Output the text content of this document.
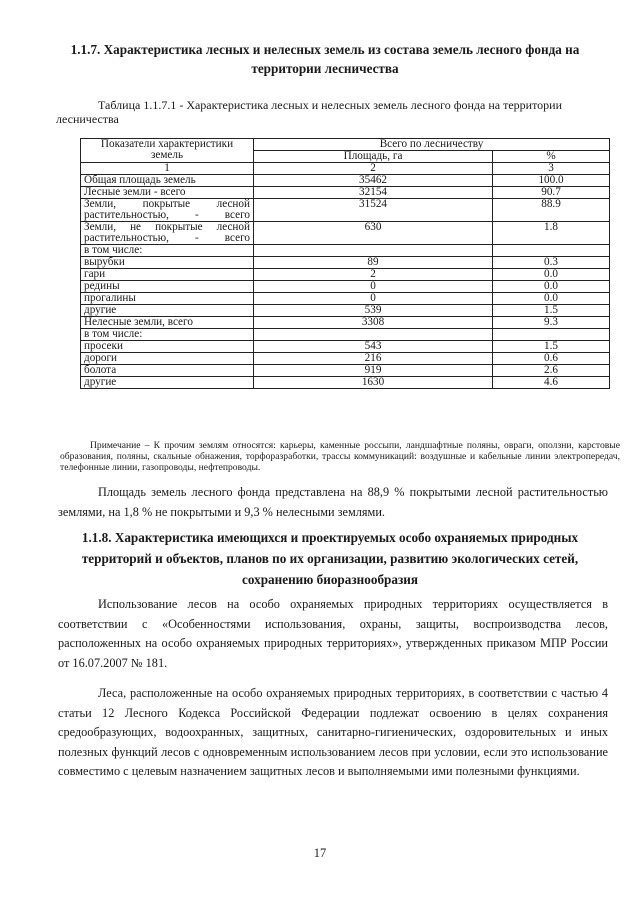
1.1.7. Характеристика лесных и нелесных земель из состава земель лесного фонда на территории лесничества

Таблица 1.1.7.1 - Характеристика лесных и нелесных земель лесного фонда на территории
лесничества
Показатели характеристики земель	Всего по лесничеству	
	Площадь, га	%
1	2	3
Общая площадь земель	35462	100.0
Лесные земли - всего	32154	90.7
Земли, покрытые лесной растительностью, - всего	31524	88.9
Земли, не покрытые лесной растительностью, - всего	630	1.8
в том числе:		
вырубки	89	0.3
гари	2	0.0
редины	0	0.0
прогалины	0	0.0
другие	539	1.5
Нелесные земли, всего	3308	9.3
в том числе:		
просеки	543	1.5
дороги	216	0.6
болота	919	2.6
другие	1630	4.6
Примечание – К прочим землям относятся: карьеры, каменные россыпи, ландшафтные поляны, овраги, оползни, карстовые образования, поляны, скальные обнажения, торфоразработки, трассы коммуникаций: воздушные и кабельные линии электропередач, телефонные линии, газопроводы, нефтепроводы.

Площадь земель лесного фонда представлена на 88,9 % покрытыми лесной растительностью землями, на 1,8 % не покрытыми и 9,3 % нелесными землями.

1.1.8. Характеристика имеющихся и проектируемых особо охраняемых природных территорий и объектов, планов по их организации, развитию экологических сетей, сохранению биоразнообразия

Использование лесов на особо охраняемых природных территориях осуществляется в соответствии с «Особенностями использования, охраны, защиты, воспроизводства лесов, расположенных на особо охраняемых природных территориях», утвержденных приказом МПР России от 16.07.2007 № 181.

Леса, расположенные на особо охраняемых природных территориях, в соответствии с частью 4 статьи 12 Лесного Кодекса Российской Федерации подлежат освоению в целях сохранения средообразующих, водоохранных, защитных, санитарно-гигиенических, оздоровительных и иных полезных функций лесов с одновременным использованием лесов при условии, если это использование совместимо с целевым назначением защитных лесов и выполняемыми ими полезными функциями.

17
